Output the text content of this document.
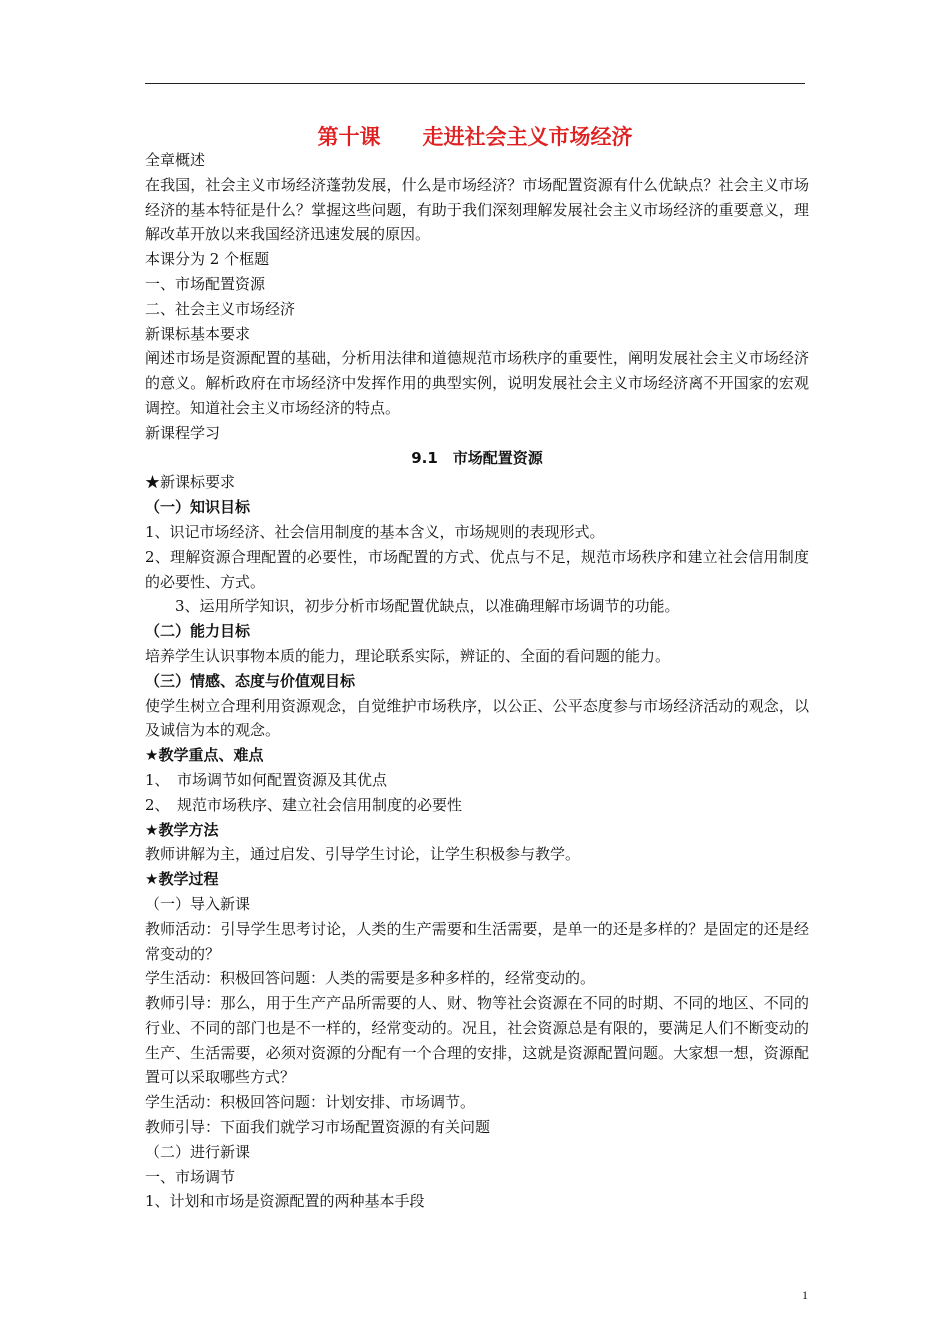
第十课　　走进社会主义市场经济

全章概述

在我国，社会主义市场经济蓬勃发展，什么是市场经济？市场配置资源有什么优缺点？社会主义市场经济的基本特征是什么？掌握这些问题，有助于我们深刻理解发展社会主义市场经济的重要意义，理解改革开放以来我国经济迅速发展的原因。

本课分为 2 个框题

一、市场配置资源

二、社会主义市场经济

新课标基本要求

阐述市场是资源配置的基础，分析用法律和道德规范市场秩序的重要性，阐明发展社会主义市场经济的意义。解析政府在市场经济中发挥作用的典型实例，说明发展社会主义市场经济离不开国家的宏观调控。知道社会主义市场经济的特点。

新课程学习

9.1　市场配置资源

★新课标要求

（一）知识目标

1、识记市场经济、社会信用制度的基本含义，市场规则的表现形式。

2、理解资源合理配置的必要性，市场配置的方式、优点与不足，规范市场秩序和建立社会信用制度的必要性、方式。

3、运用所学知识，初步分析市场配置优缺点，以准确理解市场调节的功能。

（二）能力目标

培养学生认识事物本质的能力，理论联系实际，辨证的、全面的看问题的能力。

（三）情感、态度与价值观目标

使学生树立合理利用资源观念，自觉维护市场秩序，以公正、公平态度参与市场经济活动的观念，以及诚信为本的观念。

★教学重点、难点

1、　市场调节如何配置资源及其优点

2、　规范市场秩序、建立社会信用制度的必要性

★教学方法

教师讲解为主，通过启发、引导学生讨论，让学生积极参与教学。

★教学过程

（一）导入新课

教师活动：引导学生思考讨论，人类的生产需要和生活需要，是单一的还是多样的？是固定的还是经常变动的？

学生活动：积极回答问题：人类的需要是多种多样的，经常变动的。

教师引导：那么，用于生产产品所需要的人、财、物等社会资源在不同的时期、不同的地区、不同的行业、不同的部门也是不一样的，经常变动的。况且，社会资源总是有限的，要满足人们不断变动的生产、生活需要，必须对资源的分配有一个合理的安排，这就是资源配置问题。大家想一想，资源配置可以采取哪些方式？

学生活动：积极回答问题：计划安排、市场调节。

教师引导：下面我们就学习市场配置资源的有关问题

（二）进行新课

一、市场调节

1、计划和市场是资源配置的两种基本手段

1
